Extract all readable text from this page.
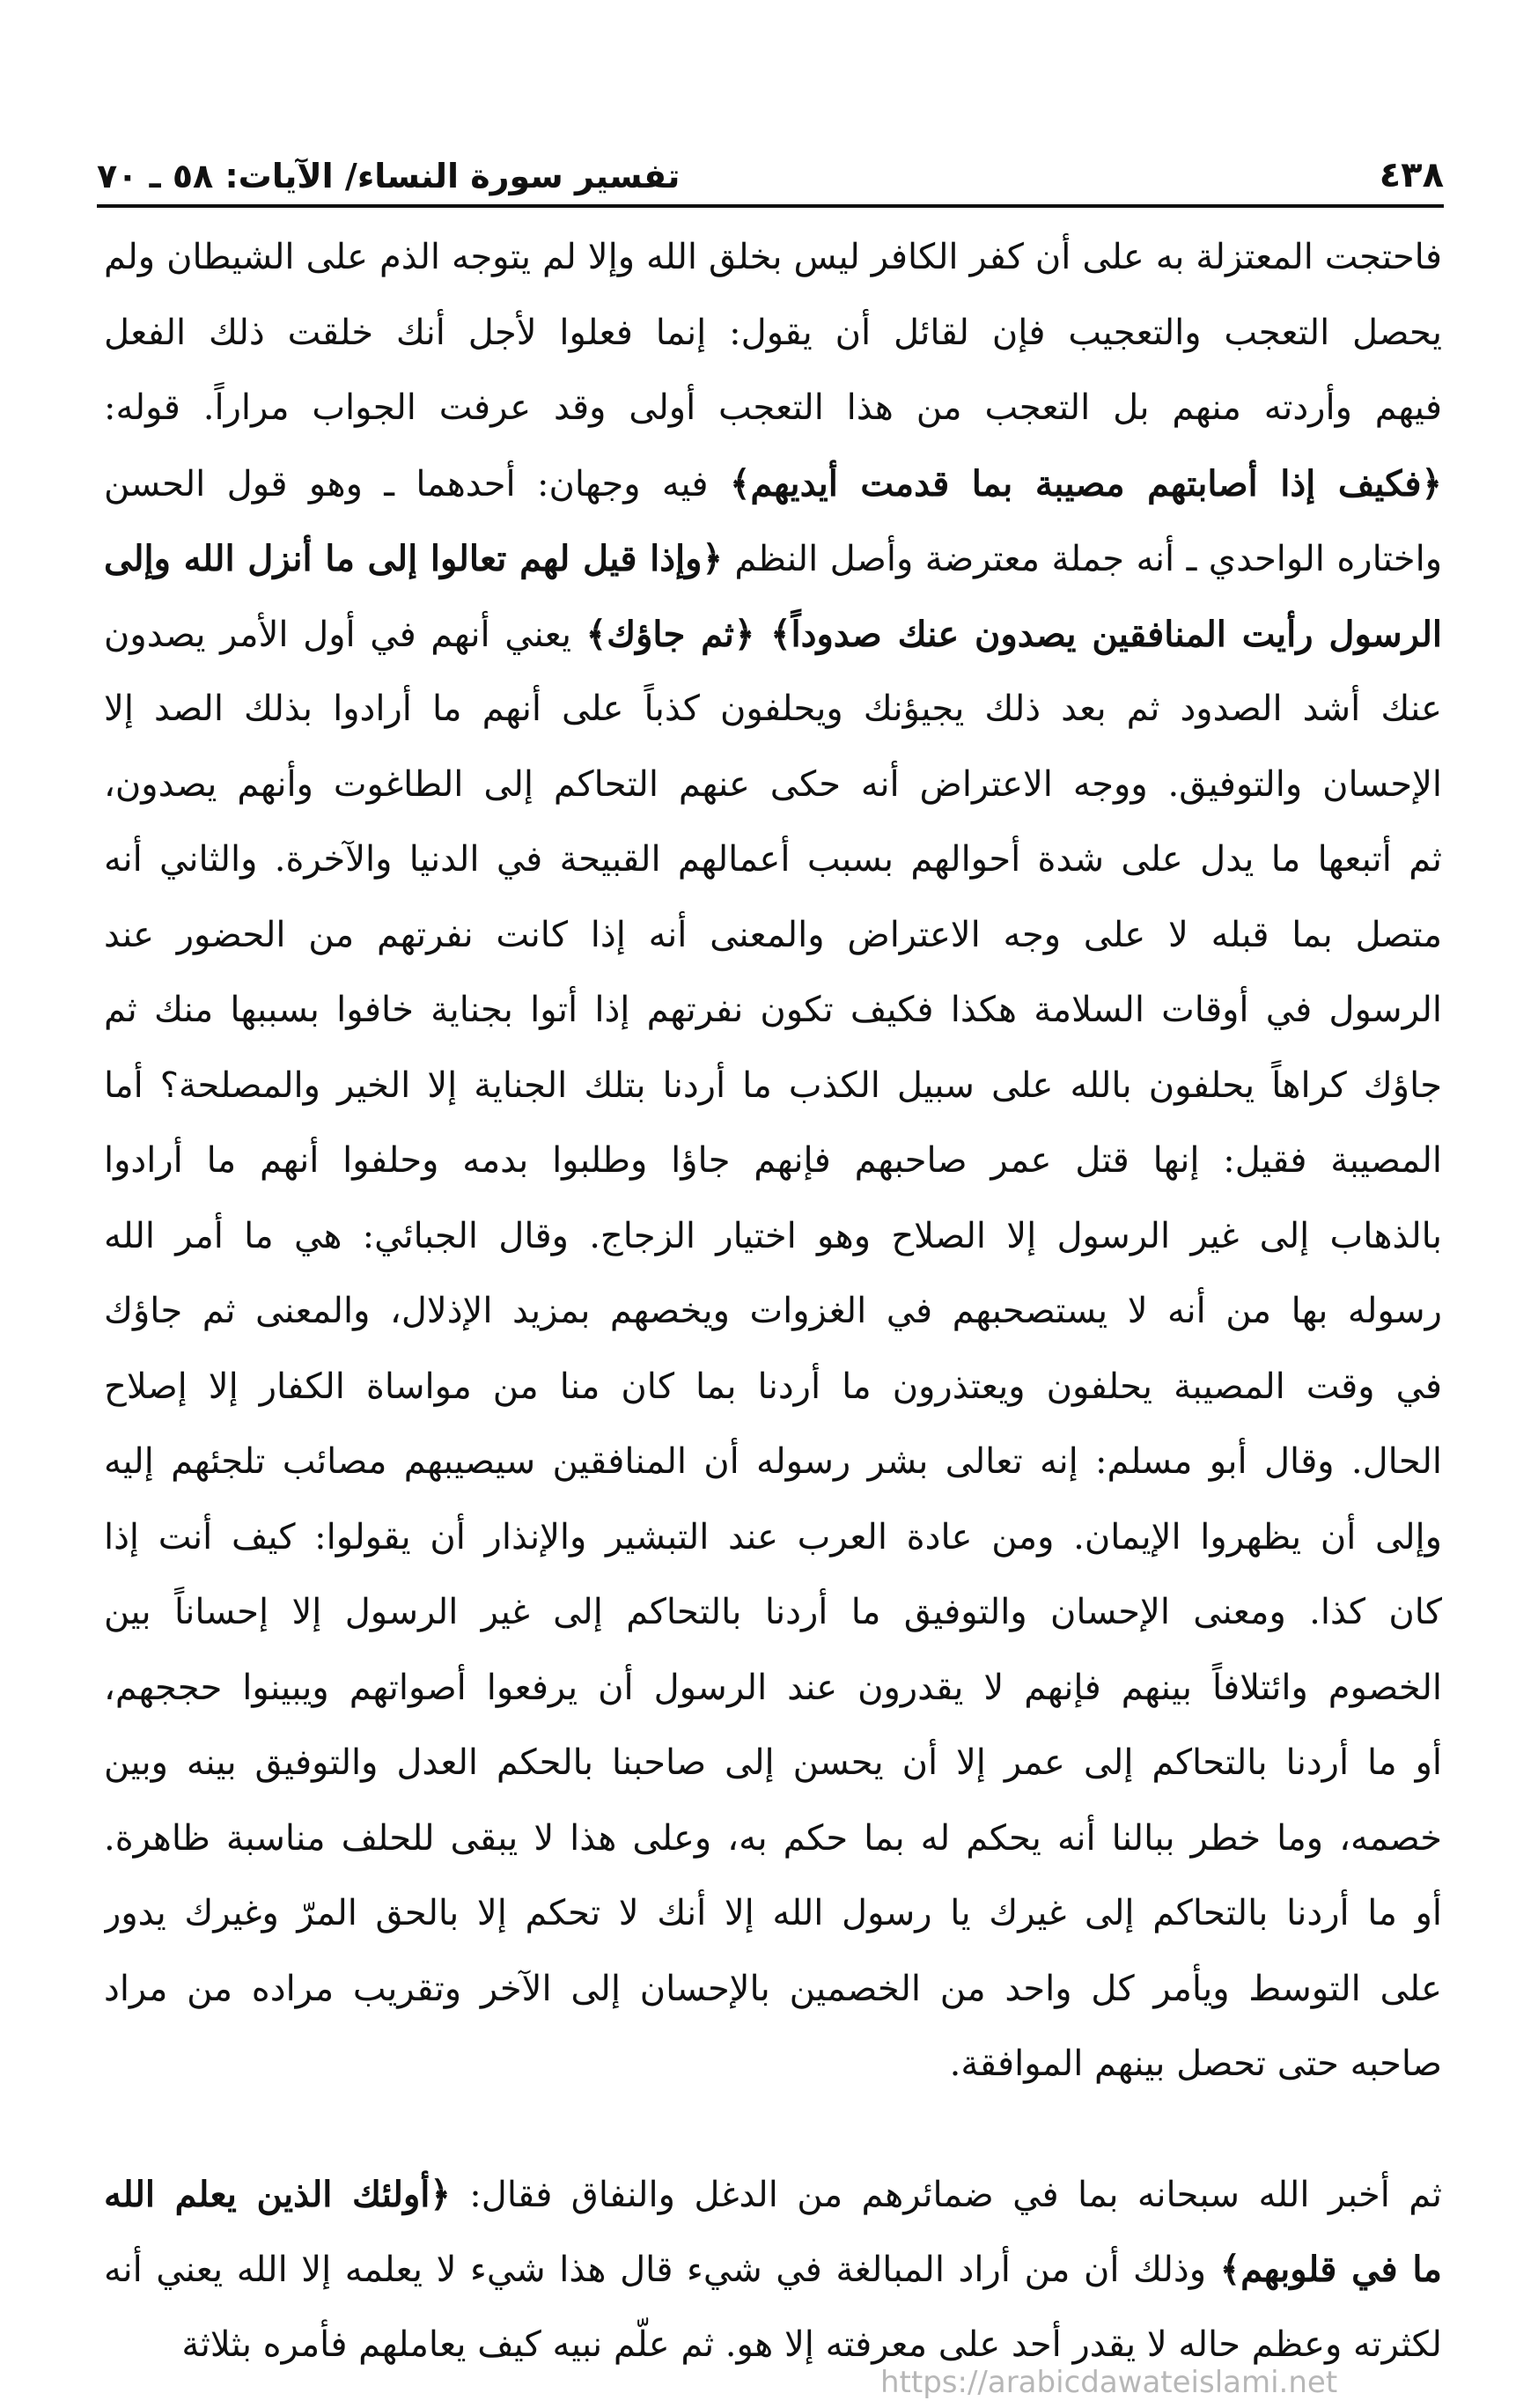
٤٣٨
تفسير سورة النساء/ الآيات: ٥٨ ـ ٧٠
فاحتجت المعتزلة به على أن كفر الكافر ليس بخلق الله وإلا لم يتوجه الذم على الشيطان ولم
يحصل التعجب والتعجيب فإن لقائل أن يقول: إنما فعلوا لأجل أنك خلقت ذلك الفعل
فيهم وأردته منهم بل التعجب من هذا التعجب أولى وقد عرفت الجواب مراراً. قوله:
﴿فكيف إذا أصابتهم مصيبة بما قدمت أيديهم﴾ فيه وجهان: أحدهما ـ وهو قول الحسن
واختاره الواحدي ـ أنه جملة معترضة وأصل النظم ﴿وإذا قيل لهم تعالوا إلى ما أنزل الله وإلى
الرسول رأيت المنافقين يصدون عنك صدوداً﴾ ﴿ثم جاؤك﴾ يعني أنهم في أول الأمر يصدون
عنك أشد الصدود ثم بعد ذلك يجيؤنك ويحلفون كذباً على أنهم ما أرادوا بذلك الصد إلا
الإحسان والتوفيق. ووجه الاعتراض أنه حكى عنهم التحاكم إلى الطاغوت وأنهم يصدون،
ثم أتبعها ما يدل على شدة أحوالهم بسبب أعمالهم القبيحة في الدنيا والآخرة. والثاني أنه
متصل بما قبله لا على وجه الاعتراض والمعنى أنه إذا كانت نفرتهم من الحضور عند
الرسول في أوقات السلامة هكذا فكيف تكون نفرتهم إذا أتوا بجناية خافوا بسببها منك ثم
جاؤك كراهاً يحلفون بالله على سبيل الكذب ما أردنا بتلك الجناية إلا الخير والمصلحة؟ أما
المصيبة فقيل: إنها قتل عمر صاحبهم فإنهم جاؤا وطلبوا بدمه وحلفوا أنهم ما أرادوا
بالذهاب إلى غير الرسول إلا الصلاح وهو اختيار الزجاج. وقال الجبائي: هي ما أمر الله
رسوله بها من أنه لا يستصحبهم في الغزوات ويخصهم بمزيد الإذلال، والمعنى ثم جاؤك
في وقت المصيبة يحلفون ويعتذرون ما أردنا بما كان منا من مواساة الكفار إلا إصلاح
الحال. وقال أبو مسلم: إنه تعالى بشر رسوله أن المنافقين سيصيبهم مصائب تلجئهم إليه
وإلى أن يظهروا الإيمان. ومن عادة العرب عند التبشير والإنذار أن يقولوا: كيف أنت إذا
كان كذا. ومعنى الإحسان والتوفيق ما أردنا بالتحاكم إلى غير الرسول إلا إحساناً بين
الخصوم وائتلافاً بينهم فإنهم لا يقدرون عند الرسول أن يرفعوا أصواتهم ويبينوا حججهم،
أو ما أردنا بالتحاكم إلى عمر إلا أن يحسن إلى صاحبنا بالحكم العدل والتوفيق بينه وبين
خصمه، وما خطر ببالنا أنه يحكم له بما حكم به، وعلى هذا لا يبقى للحلف مناسبة ظاهرة.
أو ما أردنا بالتحاكم إلى غيرك يا رسول الله إلا أنك لا تحكم إلا بالحق المرّ وغيرك يدور
على التوسط ويأمر كل واحد من الخصمين بالإحسان إلى الآخر وتقريب مراده من مراد
صاحبه حتى تحصل بينهم الموافقة.
ثم أخبر الله سبحانه بما في ضمائرهم من الدغل والنفاق فقال: ﴿أولئك الذين يعلم الله
ما في قلوبهم﴾ وذلك أن من أراد المبالغة في شيء قال هذا شيء لا يعلمه إلا الله يعني أنه
لكثرته وعظم حاله لا يقدر أحد على معرفته إلا هو. ثم علّم نبيه كيف يعاملهم فأمره بثلاثة
https://arabicdawateislami.net
